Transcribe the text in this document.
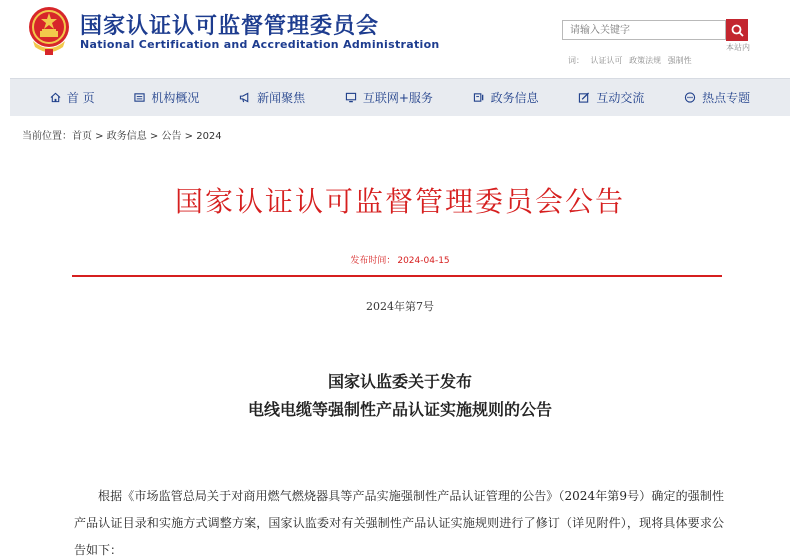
国家认证认可监督管理委员会
National Certification and Accreditation Administration
请输入关键字	本站内
词： 认证认可 政策法规 强制性
首 页	机构概况	新闻聚焦	互联网+服务	政务信息	互动交流	热点专题
当前位置：首页 > 政务信息 > 公告 > 2024
国家认证认可监督管理委员会公告
发布时间： 2024-04-15
2024年第7号
国家认监委关于发布
电线电缆等强制性产品认证实施规则的公告
根据《市场监管总局关于对商用燃气燃烧器具等产品实施强制性产品认证管理的公告》（2024年第9号）确定的强制性产品认证目录和实施方式调整方案，国家认监委对有关强制性产品认证实施规则进行了修订（详见附件），现将具体要求公告如下：
